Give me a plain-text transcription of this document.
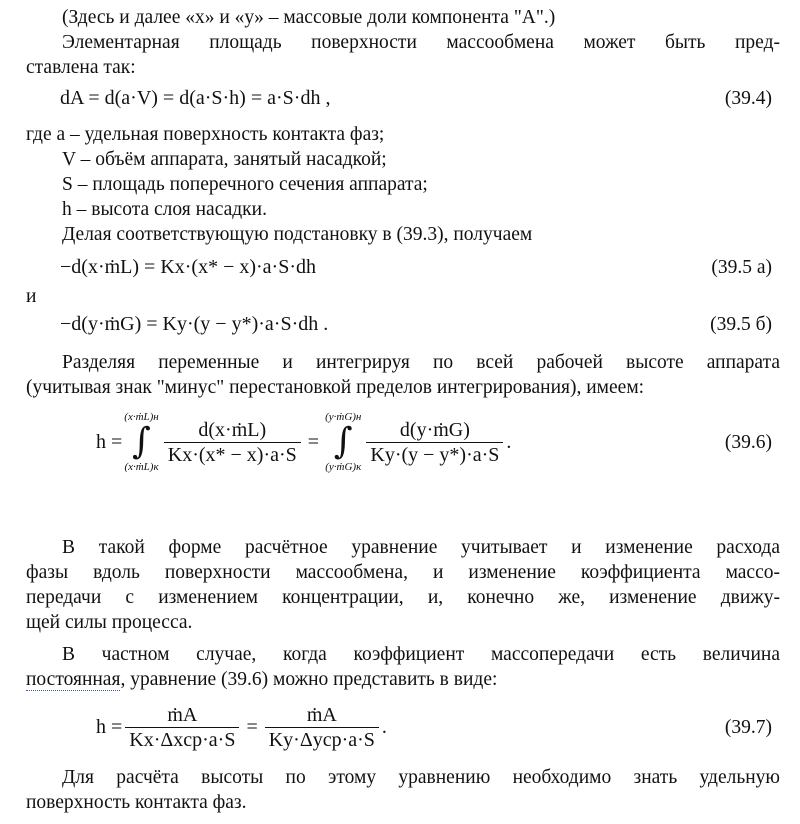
(Здесь и далее «x» и «y» – массовые доли компонента "А".)
Элементарная площадь поверхности массообмена может быть пред-
ставлена так:
dA = d(a·V) = d(a·S·h) = a·S·dh ,	(39.4)
где a – удельная поверхность контакта фаз;
V – объём аппарата, занятый насадкой;
S – площадь поперечного сечения аппарата;
h – высота слоя насадки.
Делая соответствующую подстановку в (39.3), получаем
−d(x·ṁL) = Kx·(x* − x)·a·S·dh	(39.5 а)
и
−d(y·ṁG) = Ky·(y − y*)·a·S·dh .	(39.5 б)
Разделяя переменные и интегрируя по всей рабочей высоте аппарата
(учитывая знак "минус" перестановкой пределов интегрирования), имеем:
h =
(x·ṁL)н
∫
(x·ṁL)к
$\frac{\text{d(x·ṁL)}}{Kx\cdot(x* - x)\cdot a\cdot S}$ =
(y·ṁG)н
∫
(y·ṁG)к
$\frac{\text{d(y·ṁG)}}{Ky\cdot(y - y*)\cdot a\cdot S}$ .	(39.6)
В такой форме расчётное уравнение учитывает и изменение расхода
фазы вдоль поверхности массообмена, и изменение коэффициента массо-
передачи с изменением концентрации, и, конечно же, изменение движу-
щей силы процесса.
В частном случае, когда коэффициент массопередачи есть величина
постоянная, уравнение (39.6) можно представить в виде:
$h = \frac{\text{ṁA}}{\text{Kx·Δxср·a·S}} = \frac{\text{ṁA}}{\text{Ky·Δyср·a·S}}$ .	(39.7)
Для расчёта высоты по этому уравнению необходимо знать удельную
поверхность контакта фаз.
